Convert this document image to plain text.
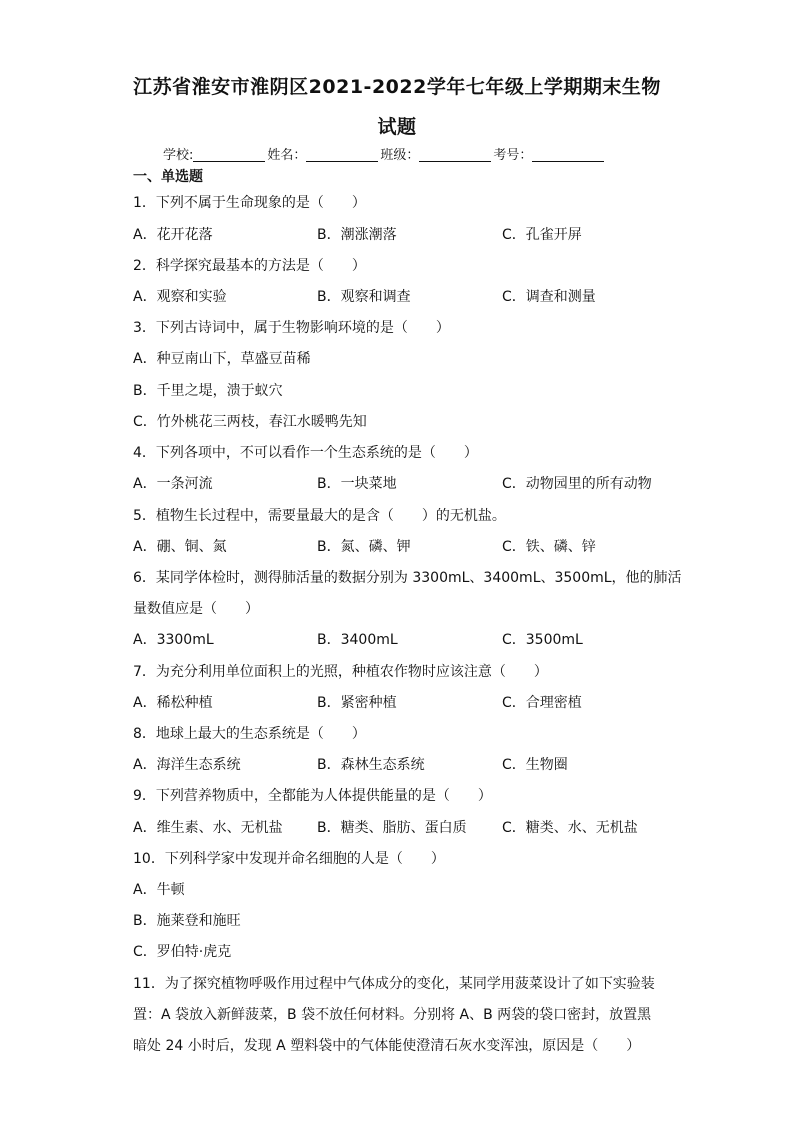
江苏省淮安市淮阴区2021-2022学年七年级上学期期末生物
试题
学校:	姓名：	班级：	考号：
一、单选题
1．下列不属于生命现象的是（　　）
A．花开花落	B．潮涨潮落	C．孔雀开屏
2．科学探究最基本的方法是（　　）
A．观察和实验	B．观察和调查	C．调查和测量
3．下列古诗词中，属于生物影响环境的是（　　）
A．种豆南山下，草盛豆苗稀
B．千里之堤，溃于蚁穴
C．竹外桃花三两枝，春江水暖鸭先知
4．下列各项中，不可以看作一个生态系统的是（　　）
A．一条河流	B．一块菜地	C．动物园里的所有动物
5．植物生长过程中，需要量最大的是含（　　）的无机盐。
A．硼、铜、氮	B．氮、磷、钾	C．铁、磷、锌
6．某同学体检时，测得肺活量的数据分别为 3300mL、3400mL、3500mL，他的肺活
量数值应是（　　）
A．3300mL	B．3400mL	C．3500mL
7．为充分利用单位面积上的光照，种植农作物时应该注意（　　）
A．稀松种植	B．紧密种植	C．合理密植
8．地球上最大的生态系统是（　　）
A．海洋生态系统	B．森林生态系统	C．生物圈
9．下列营养物质中，全都能为人体提供能量的是（　　）
A．维生素、水、无机盐 B．糖类、脂肪、蛋白质	C．糖类、水、无机盐
10．下列科学家中发现并命名细胞的人是（　　）
A．牛顿
B．施莱登和施旺
C．罗伯特·虎克
11．为了探究植物呼吸作用过程中气体成分的变化，某同学用菠菜设计了如下实验装
置：A 袋放入新鲜菠菜，B 袋不放任何材料。分别将 A、B 两袋的袋口密封，放置黑
暗处 24 小时后，发现 A 塑料袋中的气体能使澄清石灰水变浑浊，原因是（　　）
